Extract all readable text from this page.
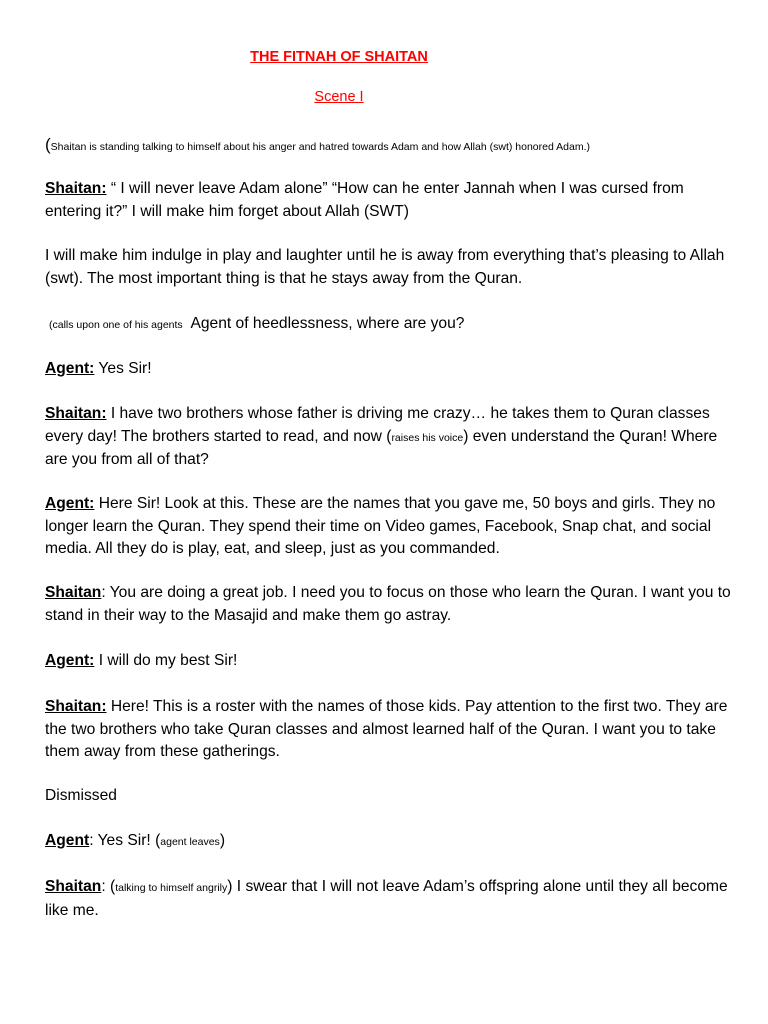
THE FITNAH OF SHAITAN
Scene I
(Shaitan is standing talking to himself about his anger and hatred towards Adam and how Allah (swt) honored Adam.)
Shaitan: “ I will never leave Adam alone” “How can he enter Jannah when I was cursed from entering it?” I will make him forget about Allah (SWT)
I will make him indulge in play and laughter until he is away from everything that’s pleasing to Allah (swt). The most important thing is that he stays away from the Quran.
(calls upon one of his agents  Agent of heedlessness, where are you?
Agent: Yes Sir!
Shaitan: I have two brothers whose father is driving me crazy… he takes them to Quran classes every day! The brothers started to read, and now (raises his voice) even understand the Quran! Where are you from all of that?
Agent: Here Sir! Look at this. These are the names that you gave me, 50 boys and girls. They no longer learn the Quran. They spend their time on Video games, Facebook, Snap chat, and social media. All they do is play, eat, and sleep, just as you commanded.
Shaitan: You are doing a great job. I need you to focus on those who learn the Quran. I want you to stand in their way to the Masajid and make them go astray.
Agent: I will do my best Sir!
Shaitan: Here! This is a roster with the names of those kids. Pay attention to the first two. They are the two brothers who take Quran classes and almost learned half of the Quran. I want you to take them away from these gatherings.
Dismissed
Agent: Yes Sir! (agent leaves)
Shaitan: (talking to himself angrily) I swear that I will not leave Adam’s offspring alone until they all become like me.
